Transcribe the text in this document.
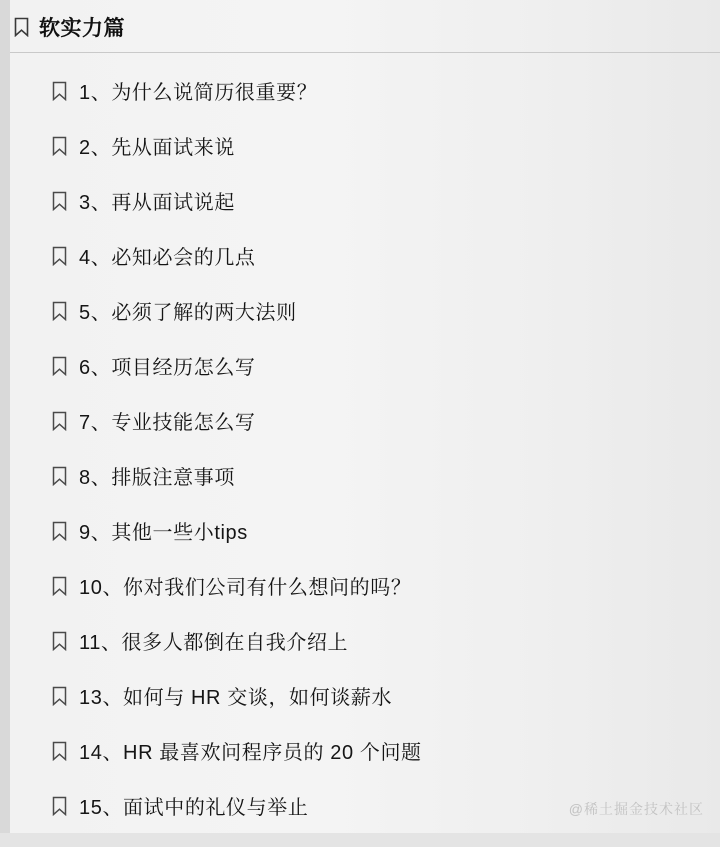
软实力篇
1、为什么说简历很重要？
2、先从面试来说
3、再从面试说起
4、必知必会的几点
5、必须了解的两大法则
6、项目经历怎么写
7、专业技能怎么写
8、排版注意事项
9、其他一些小tips
10、你对我们公司有什么想问的吗？
11、很多人都倒在自我介绍上
13、如何与 HR 交谈，如何谈薪水
14、HR 最喜欢问程序员的 20 个问题
15、面试中的礼仪与举止	@稀土掘金技术社区
